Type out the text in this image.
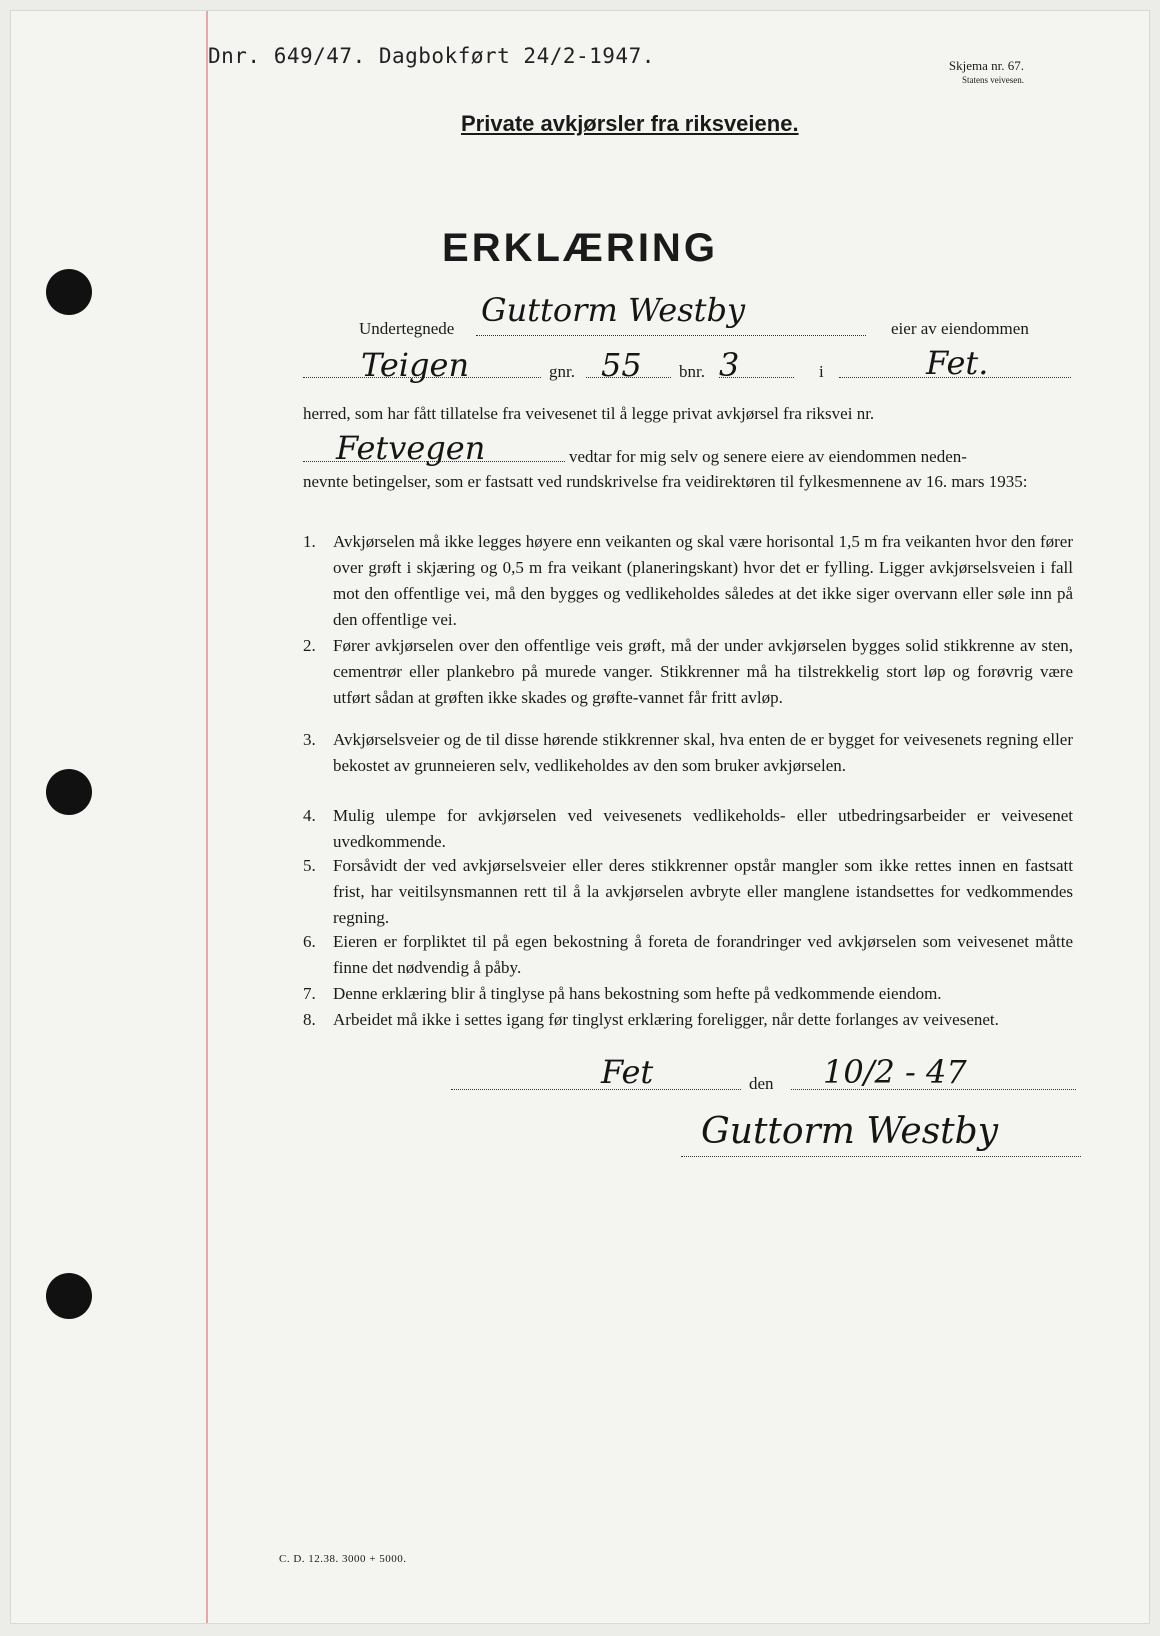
Dnr. 649/47. Dagbokført 24/2-1947.	Skjema nr. 67.
Statens veivesen.
Private avkjørsler fra riksveiene.
ERKLÆRING
Undertegnede Guttorm Westby	eier av eiendommen
Teigen	gnr. 55 bnr. 3	i	Fet.
herred, som har fått tillatelse fra veivesenet til å legge privat avkjørsel fra riksvei nr.
Fetvegen	vedtar for mig selv og senere eiere av eiendommen neden-
nevnte betingelser, som er fastsatt ved rundskrivelse fra veidirektøren til fylkesmennene av 16. mars 1935:
1. Avkjørselen må ikke legges høyere enn veikanten og skal være horisontal 1,5 m fra veikanten hvor den fører over grøft i skjæring og 0,5 m fra veikant (planeringskant) hvor det er fylling. Ligger avkjørselsveien i fall mot den offentlige vei, må den bygges og vedlikeholdes således at det ikke siger overvann eller søle inn på den offentlige vei.
2. Fører avkjørselen over den offentlige veis grøft, må der under avkjørselen bygges solid stikkrenne av sten, cementrør eller plankebro på murede vanger. Stikkrenner må ha tilstrekkelig stort løp og forøvrig være utført sådan at grøften ikke skades og grøfte-vannet får fritt avløp.
3. Avkjørselsveier og de til disse hørende stikkrenner skal, hva enten de er bygget for veivesenets regning eller bekostet av grunneieren selv, vedlikeholdes av den som bruker avkjørselen.
4. Mulig ulempe for avkjørselen ved veivesenets vedlikeholds- eller utbedringsarbeider er veivesenet uvedkommende.
5. Forsåvidt der ved avkjørselsveier eller deres stikkrenner opstår mangler som ikke rettes innen en fastsatt frist, har veitilsynsmannen rett til å la avkjørselen avbryte eller manglene istandsettes for vedkommendes regning.
6. Eieren er forpliktet til på egen bekostning å foreta de forandringer ved avkjørselen som veivesenet måtte finne det nødvendig å påby.
7. Denne erklæring blir å tinglyse på hans bekostning som hefte på vedkommende eiendom.
8. Arbeidet må ikke i settes igang før tinglyst erklæring foreligger, når dette forlanges av veivesenet.
Fet	den 10/2 - 47
Guttorm Westby
C. D. 12.38. 3000 + 5000.
